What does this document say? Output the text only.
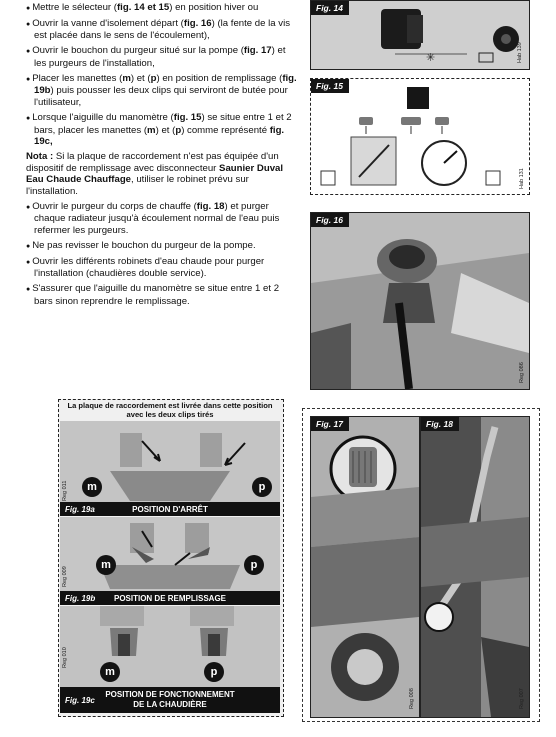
● Mettre le sélecteur (fig. 14 et 15) en position hiver ou

● Ouvrir la vanne d'isolement départ (fig. 16) (la fente de la vis est placée dans le sens de l'écoulement),

● Ouvrir le bouchon du purgeur situé sur la pompe (fig. 17) et les purgeurs de l'installation,

● Placer les manettes (m) et (p) en position de remplissage (fig. 19b) puis pousser les deux clips qui serviront de butée pour l'utilisateur,

● Lorsque l'aiguille du manomètre (fig. 15) se situe entre 1 et 2 bars, placer les manettes (m) et (p) comme représenté fig. 19c,

Nota : Si la plaque de raccordement n'est pas équipée d'un dispositif de remplissage avec disconnecteur Saunier Duval Eau Chaude Chauffage, utiliser le robinet prévu sur l'installation.

● Ouvrir le purgeur du corps de chauffe (fig. 18) et purger chaque radiateur jusqu'à écoulement normal de l'eau puis refermer les purgeurs.

● Ne pas revisser le bouchon du purgeur de la pompe.

● Ouvrir les différents robinets d'eau chaude pour purger l'installation (chaudières double service).

● S'assurer que l'aiguille du manomètre se situe entre 1 et 2 bars sinon reprendre le remplissage.

✳
Fig. 14
Hab 139
Fig. 15
Hab 131
Fig. 16
Reg 086
La plaque de raccordement est livrée dans cette position avec les deux clips tirés
m	p
Reg 011
Fig. 19a	POSITION D'ARRÊT
m	p
Reg 009
Fig. 19b	POSITION DE REMPLISSAGE
m	p
Reg 010
Fig. 19c
POSITION DE FONCTIONNEMENT
DE LA CHAUDIÈRE
Fig. 17
Reg 008
Fig. 18
Reg 007
